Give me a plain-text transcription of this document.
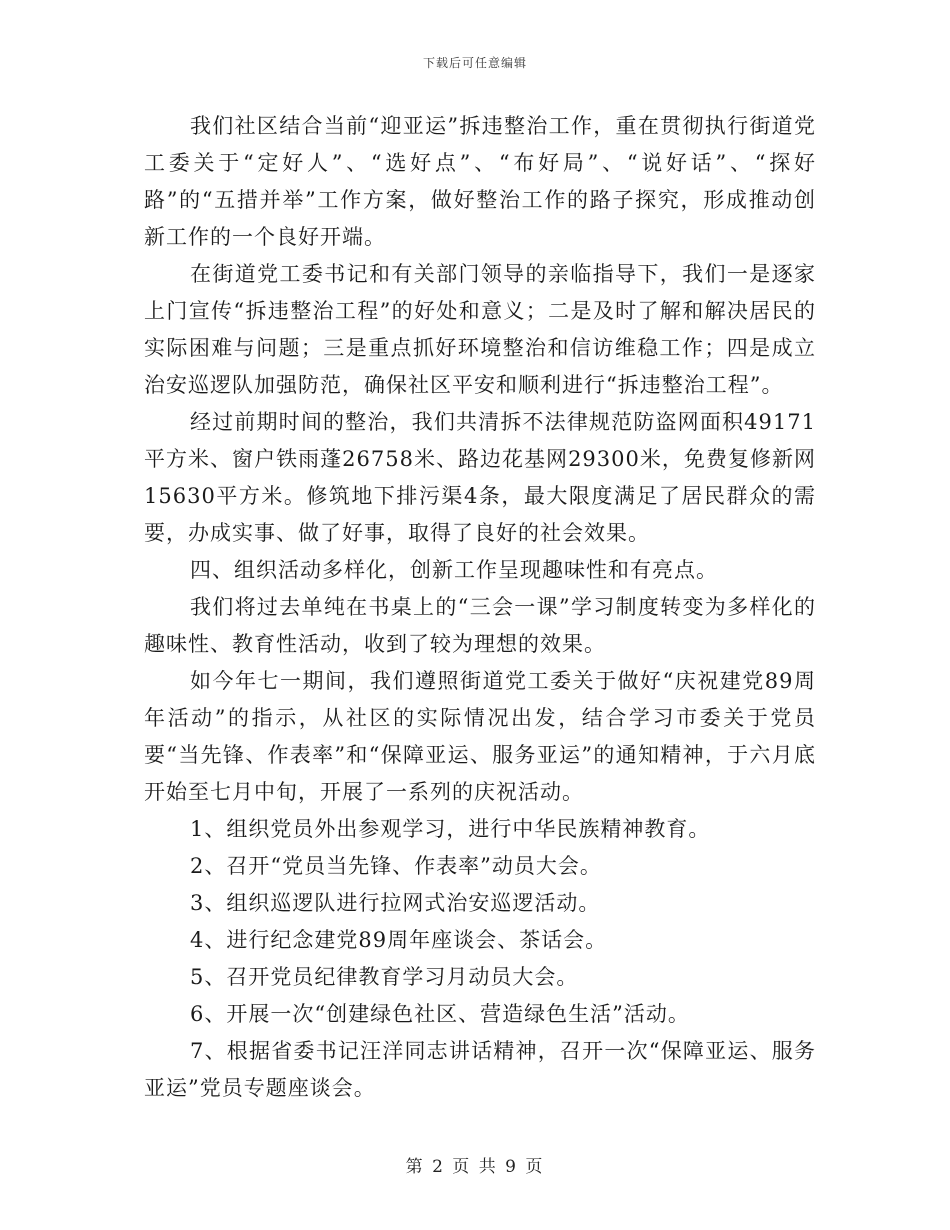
下载后可任意编辑

我们社区结合当前“迎亚运”拆违整治工作，重在贯彻执行街道党工委关于“定好人”、“选好点”、“布好局”、“说好话”、“探好路”的“五措并举”工作方案，做好整治工作的路子探究，形成推动创新工作的一个良好开端。

在街道党工委书记和有关部门领导的亲临指导下，我们一是逐家上门宣传“拆违整治工程”的好处和意义；二是及时了解和解决居民的实际困难与问题；三是重点抓好环境整治和信访维稳工作；四是成立治安巡逻队加强防范，确保社区平安和顺利进行“拆违整治工程”。

经过前期时间的整治，我们共清拆不法律规范防盗网面积49171平方米、窗户铁雨蓬26758米、路边花基网29300米，免费复修新网15630平方米。修筑地下排污渠4条，最大限度满足了居民群众的需要，办成实事、做了好事，取得了良好的社会效果。

四、组织活动多样化，创新工作呈现趣味性和有亮点。

我们将过去单纯在书桌上的“三会一课”学习制度转变为多样化的趣味性、教育性活动，收到了较为理想的效果。

如今年七一期间，我们遵照街道党工委关于做好“庆祝建党89周年活动”的指示，从社区的实际情况出发，结合学习市委关于党员要“当先锋、作表率”和“保障亚运、服务亚运”的通知精神，于六月底开始至七月中旬，开展了一系列的庆祝活动。

1、组织党员外出参观学习，进行中华民族精神教育。

2、召开“党员当先锋、作表率”动员大会。

3、组织巡逻队进行拉网式治安巡逻活动。

4、进行纪念建党89周年座谈会、茶话会。

5、召开党员纪律教育学习月动员大会。

6、开展一次“创建绿色社区、营造绿色生活”活动。

7、根据省委书记汪洋同志讲话精神，召开一次“保障亚运、服务亚运”党员专题座谈会。

第 2 页 共 9 页
